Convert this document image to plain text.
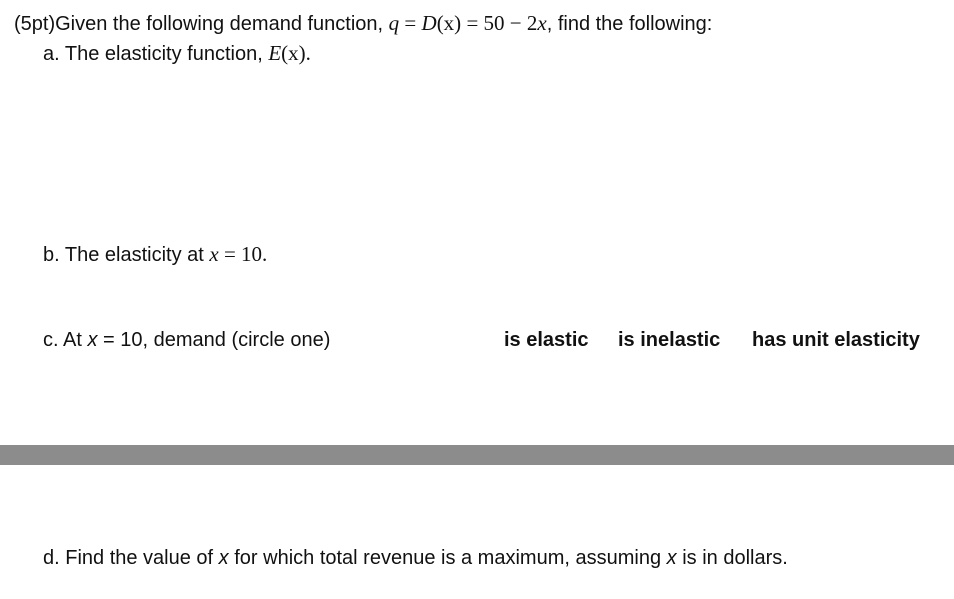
(5pt)Given the following demand function, q = D(x) = 50 − 2x, find the following:
a. The elasticity function, E(x).
b. The elasticity at x = 10.
c. At x = 10, demand (circle one)	is elastic is inelastic has unit elasticity
d. Find the value of x for which total revenue is a maximum, assuming x is in dollars.
